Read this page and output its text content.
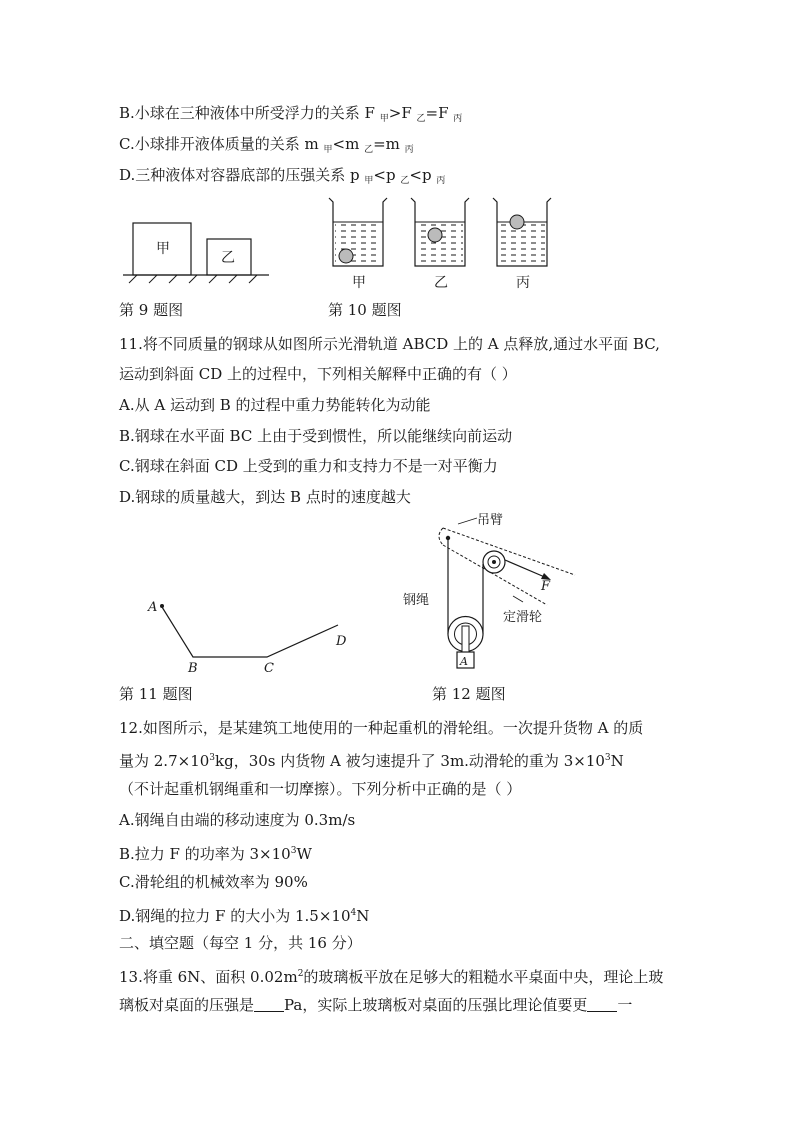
B.小球在三种液体中所受浮力的关系 F $_甲$>F $_乙$=F $_丙$
C.小球排开液体质量的关系 m $_甲$<m $_乙$=m $_丙$
D.三种液体对容器底部的压强关系 p $_甲$<p $_乙$<p $_丙$
甲
乙
第 9 题图
甲	乙	丙
第 10 题图
11.将不同质量的钢球从如图所示光滑轨道 ABCD 上的 A 点释放,通过水平面 BC,
运动到斜面 CD 上的过程中，下列相关解释中正确的有（ ）
A.从 A 运动到 B 的过程中重力势能转化为动能
B.钢球在水平面 BC 上由于受到惯性，所以能继续向前运动
C.钢球在斜面 CD 上受到的重力和支持力不是一对平衡力
D.钢球的质量越大，到达 B 点时的速度越大
A
B	C
D
第 11 题图
吊臂
F
A
钢绳
定滑轮
第 12 题图
12.如图所示，是某建筑工地使用的一种起重机的滑轮组。一次提升货物 A 的质
量为 $2.7\times 10^3kg$，30s 内货物 A 被匀速提升了 3m.动滑轮的重为 $3\times 10^3N$
（不计起重机钢绳重和一切摩擦）。下列分析中正确的是（ ）
A.钢绳自由端的移动速度为 0.3m/s
B.拉力 F 的功率为 $3\times 10^3W$
C.滑轮组的机械效率为 90%
D.钢绳的拉力 F 的大小为 $1.5\times 10^4N$
二、填空题（每空 1 分，共 16 分）
13.将重 6N、面积 $0.02m^2$的玻璃板平放在足够大的粗糙水平桌面中央，理论上玻
璃板对桌面的压强是 Pa，实际上玻璃板对桌面的压强比理论值要更 一
